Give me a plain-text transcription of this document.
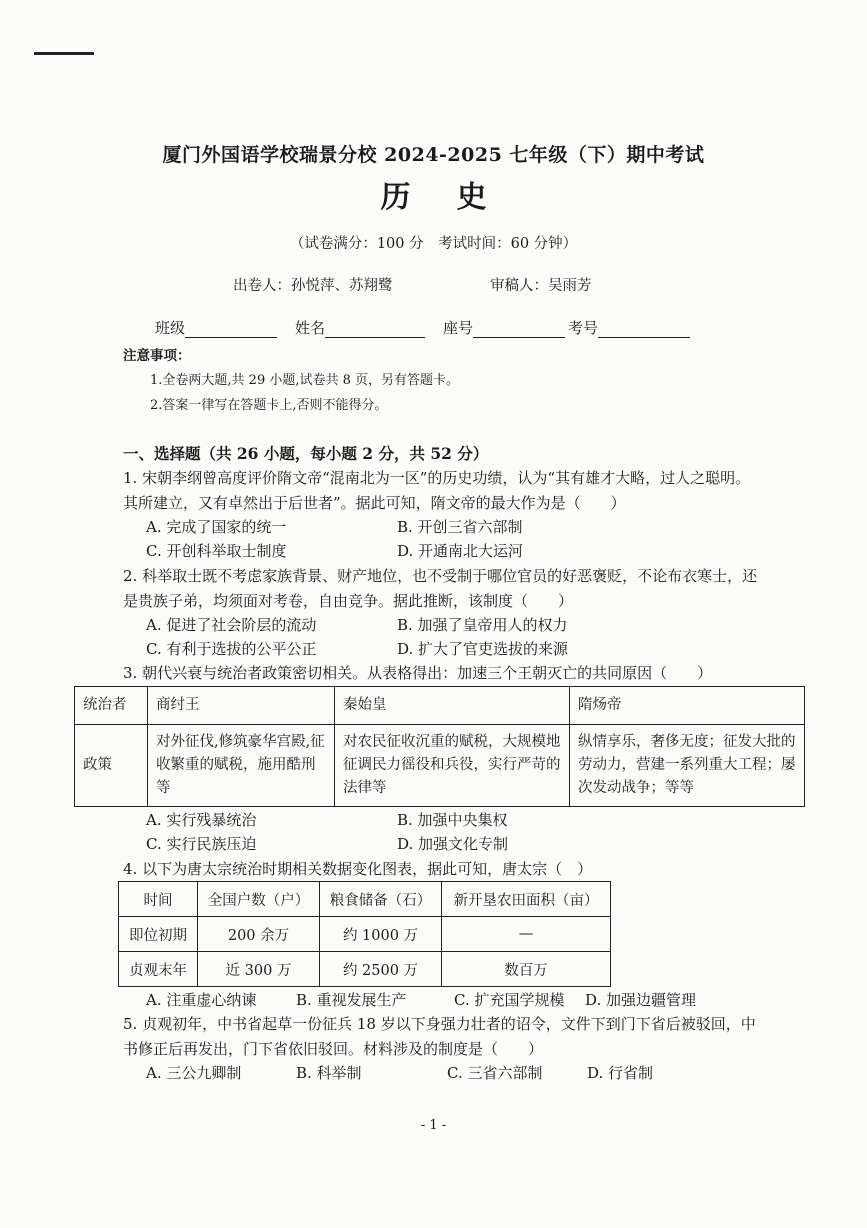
厦门外国语学校瑞景分校 2024-2025 七年级（下）期中考试
历史
（试卷满分：100 分　考试时间：60 分钟）
出卷人：孙悦萍、苏翔鹭	审稿人：吴雨芳
班级	姓名	座号	考号
注意事项：
1.全卷两大题,共 29 小题,试卷共 8 页，另有答题卡。
2.答案一律写在答题卡上,否则不能得分。
一、选择题（共 26 小题，每小题 2 分，共 52 分）
1. 宋朝李纲曾高度评价隋文帝“混南北为一区”的历史功绩，认为“其有雄才大略，过人之聪明。
其所建立，又有卓然出于后世者”。据此可知，隋文帝的最大作为是（　　）
A. 完成了国家的统一	B. 开创三省六部制
C. 开创科举取士制度	D. 开通南北大运河
2. 科举取士既不考虑家族背景、财产地位，也不受制于哪位官员的好恶褒贬，不论布衣寒士，还
是贵族子弟，均须面对考卷，自由竞争。据此推断，该制度（　　）
A. 促进了社会阶层的流动	B. 加强了皇帝用人的权力
C. 有利于选拔的公平公正	D. 扩大了官吏选拔的来源
3. 朝代兴衰与统治者政策密切相关。从表格得出：加速三个王朝灭亡的共同原因（　　）
统治者	商纣王	秦始皇	隋炀帝
政策	对外征伐,修筑豪华宫殿,征收繁重的赋税，施用酷刑等	对农民征收沉重的赋税，大规模地征调民力徭役和兵役，实行严苛的法律等	纵情享乐，奢侈无度；征发大批的劳动力，营建一系列重大工程；屡次发动战争；等等
A. 实行残暴统治	B. 加强中央集权
C. 实行民族压迫	D. 加强文化专制
4. 以下为唐太宗统治时期相关数据变化图表，据此可知，唐太宗（　）
时间	全国户数（户）	粮食储备（石）	新开垦农田面积（亩）
即位初期	200 余万	约 1000 万	—
贞观末年	近 300 万	约 2500 万	数百万
A. 注重虚心纳谏	B. 重视发展生产	C. 扩充国学规模 D. 加强边疆管理
5. 贞观初年，中书省起草一份征兵 18 岁以下身强力壮者的诏令，文件下到门下省后被驳回，中
书修正后再发出，门下省依旧驳回。材料涉及的制度是（　　）
A. 三公九卿制	B. 科举制	C. 三省六部制	D. 行省制
- 1 -
